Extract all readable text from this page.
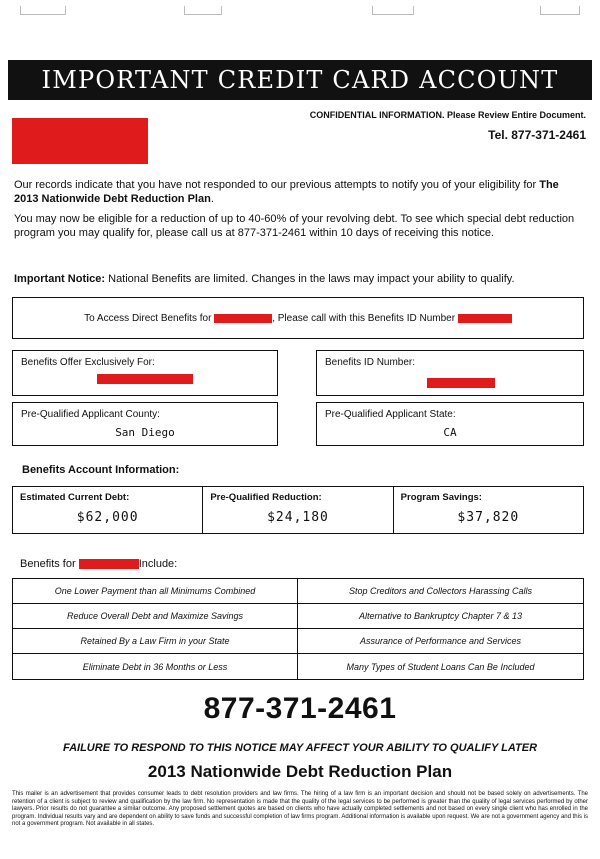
IMPORTANT CREDIT CARD ACCOUNT BENEFITS
CONFIDENTIAL INFORMATION. Please Review Entire Document.
Tel. 877-371-2461
Our records indicate that you have not responded to our previous attempts to notify you of your eligibility for The 2013 Nationwide Debt Reduction Plan.
You may now be eligible for a reduction of up to 40-60% of your revolving debt. To see which special debt reduction program you may qualify for, please call us at 877-371-2461 within 10 days of receiving this notice.
Important Notice: National Benefits are limited. Changes in the laws may impact your ability to qualify.
To Access Direct Benefits for	, Please call with this Benefits ID Number
Benefits Offer Exclusively For:	Benefits ID Number:
Pre-Qualified Applicant County:
San Diego
Pre-Qualified Applicant State:
CA
Benefits Account Information:
Estimated Current Debt:
$62,000
Pre-Qualified Reduction:
$24,180
Program Savings:
$37,820
Benefits for	Include:
One Lower Payment than all Minimums Combined	Stop Creditors and Collectors Harassing Calls
Reduce Overall Debt and Maximize Savings	Alternative to Bankruptcy Chapter 7 & 13
Retained By a Law Firm in your State	Assurance of Performance and Services
Eliminate Debt in 36 Months or Less	Many Types of Student Loans Can Be Included
877-371-2461
FAILURE TO RESPOND TO THIS NOTICE MAY AFFECT YOUR ABILITY TO QUALIFY LATER
2013 Nationwide Debt Reduction Plan
This mailer is an advertisement that provides consumer leads to debt resolution providers and law firms. The hiring of a law firm is an important decision and should not be based solely on advertisements. The retention of a client is subject to review and qualification by the law firm. No representation is made that the quality of the legal services to be performed is greater than the quality of legal services performed by other lawyers. Prior results do not guarantee a similar outcome. Any proposed settlement quotes are based on clients who have actually completed settlements and not based on every single client who has enrolled in the program. Individual results vary and are dependent on ability to save funds and successful completion of law firms program. Additional information is available upon request. We are not a government agency and this is not a government program. Not available in all states.
